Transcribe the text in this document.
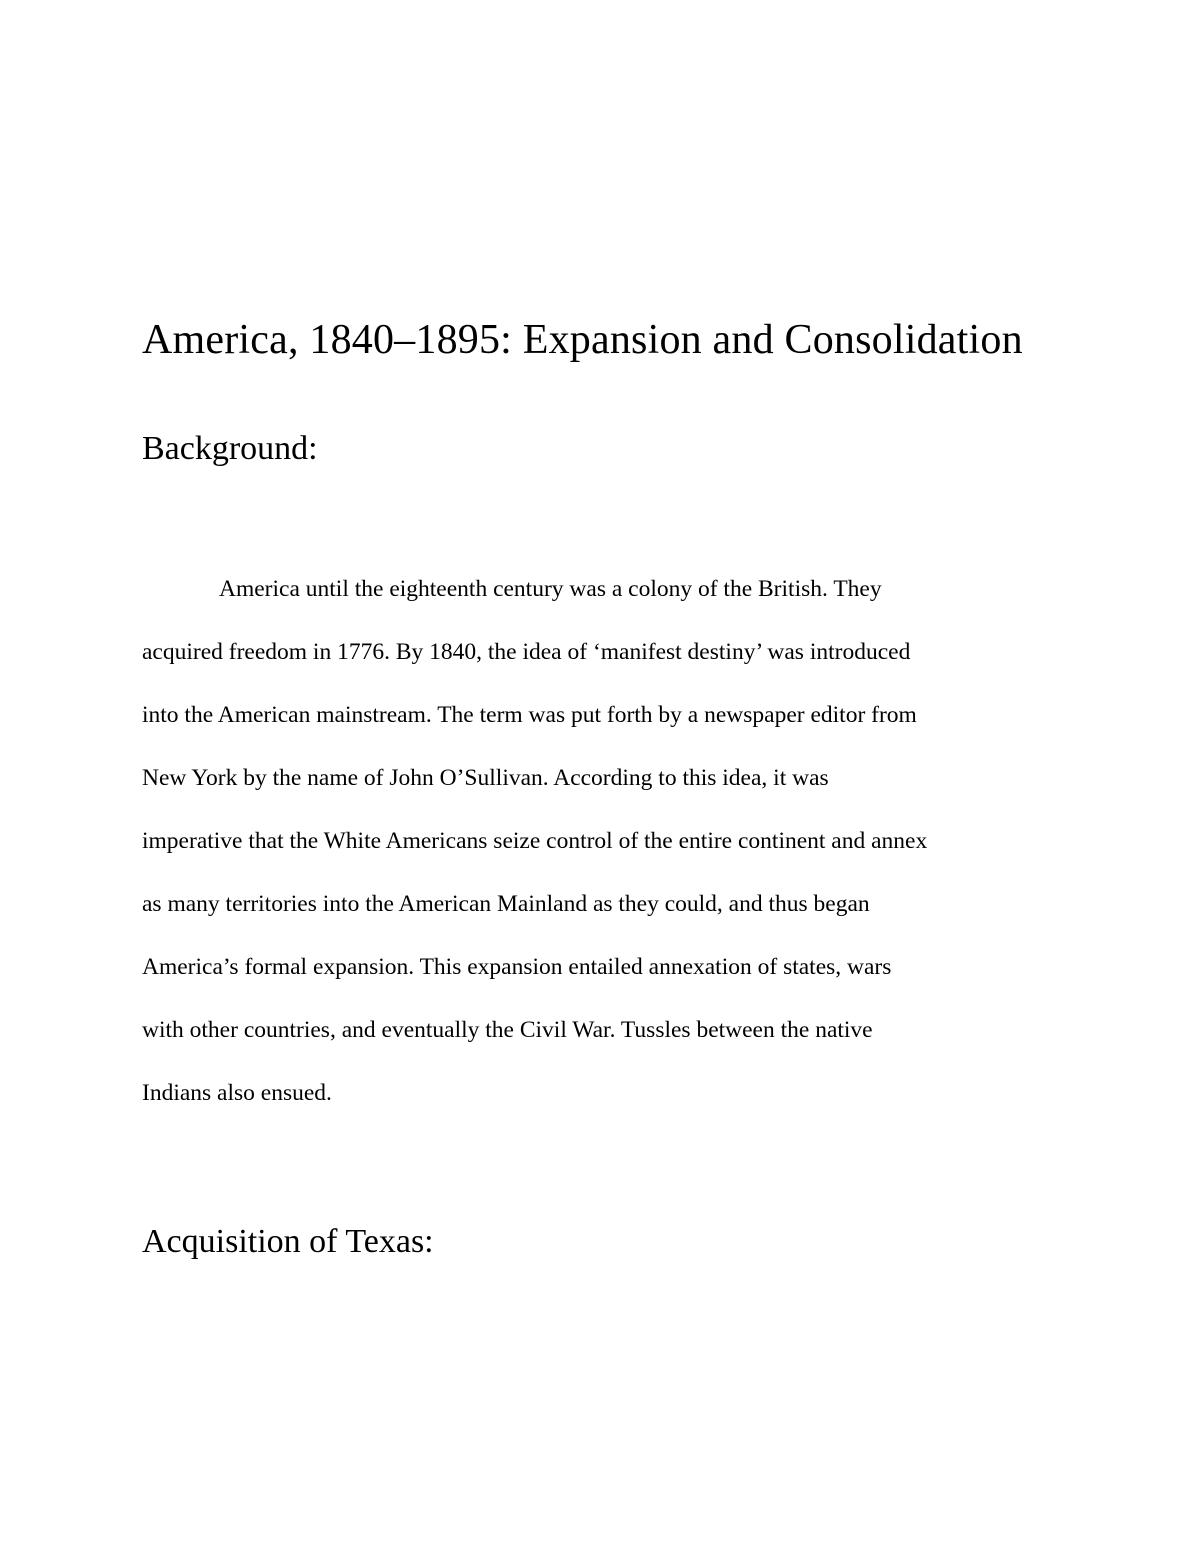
America, 1840–1895: Expansion and Consolidation
Background:

America until the eighteenth century was a colony of the British. They
acquired freedom in 1776. By 1840, the idea of ‘manifest destiny’ was introduced
into the American mainstream. The term was put forth by a newspaper editor from
New York by the name of John O’Sullivan. According to this idea, it was
imperative that the White Americans seize control of the entire continent and annex
as many territories into the American Mainland as they could, and thus began
America’s formal expansion. This expansion entailed annexation of states, wars
with other countries, and eventually the Civil War. Tussles between the native
Indians also ensued.

Acquisition of Texas:
